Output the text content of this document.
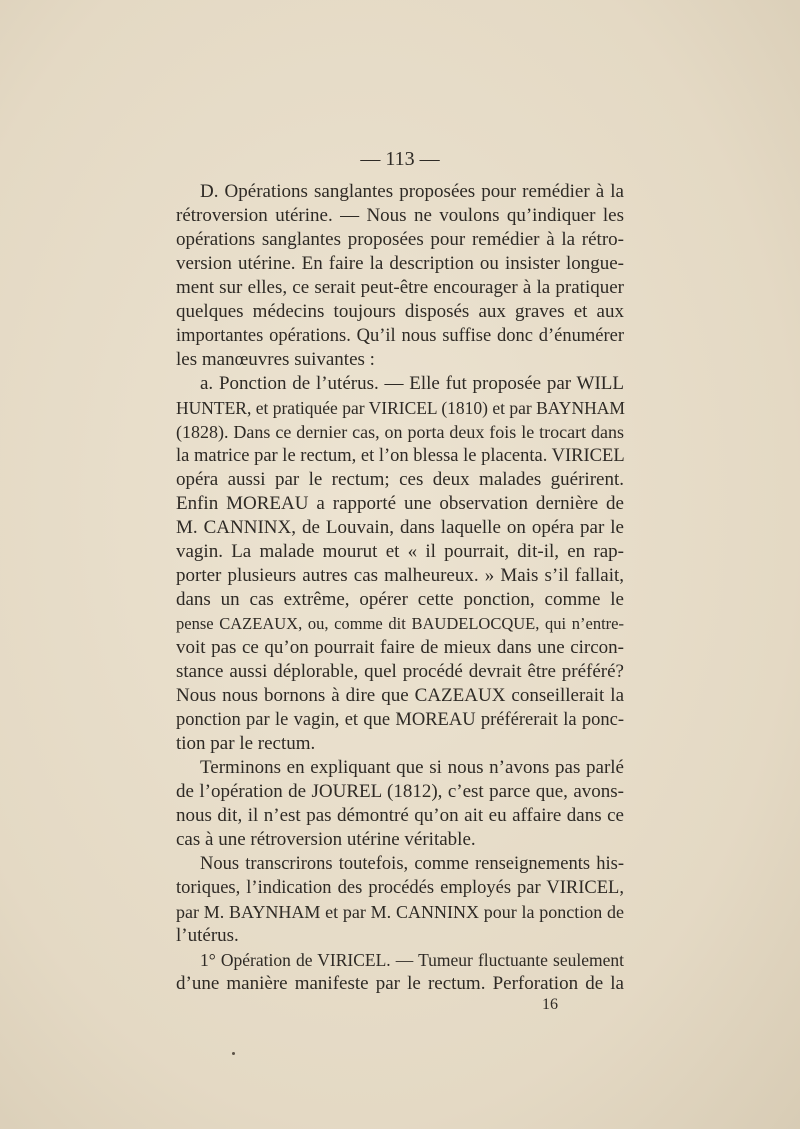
— 113 —
D. Opérations sanglantes proposées pour remédier à la
rétroversion utérine. — Nous ne voulons qu’indiquer les
opérations sanglantes proposées pour remédier à la rétro-
version utérine. En faire la description ou insister longue-
ment sur elles, ce serait peut-être encourager à la pratiquer
quelques médecins toujours disposés aux graves et aux
importantes opérations. Qu’il nous suffise donc d’énumérer
les manœuvres suivantes :
a. Ponction de l’utérus. — Elle fut proposée par WILL
HUNTER, et pratiquée par VIRICEL (1810) et par BAYNHAM
(1828). Dans ce dernier cas, on porta deux fois le trocart dans
la matrice par le rectum, et l’on blessa le placenta. VIRICEL
opéra aussi par le rectum; ces deux malades guérirent.
Enfin MOREAU a rapporté une observation dernière de
M. CANNINX, de Louvain, dans laquelle on opéra par le
vagin. La malade mourut et « il pourrait, dit-il, en rap-
porter plusieurs autres cas malheureux. » Mais s’il fallait,
dans un cas extrême, opérer cette ponction, comme le
pense CAZEAUX, ou, comme dit BAUDELOCQUE, qui n’entre-
voit pas ce qu’on pourrait faire de mieux dans une circon-
stance aussi déplorable, quel procédé devrait être préféré?
Nous nous bornons à dire que CAZEAUX conseillerait la
ponction par le vagin, et que MOREAU préférerait la ponc-
tion par le rectum.
Terminons en expliquant que si nous n’avons pas parlé
de l’opération de JOUREL (1812), c’est parce que, avons-
nous dit, il n’est pas démontré qu’on ait eu affaire dans ce
cas à une rétroversion utérine véritable.
Nous transcrirons toutefois, comme renseignements his-
toriques, l’indication des procédés employés par VIRICEL,
par M. BAYNHAM et par M. CANNINX pour la ponction de
l’utérus.
1° Opération de VIRICEL. — Tumeur fluctuante seulement
d’une manière manifeste par le rectum. Perforation de la
16
